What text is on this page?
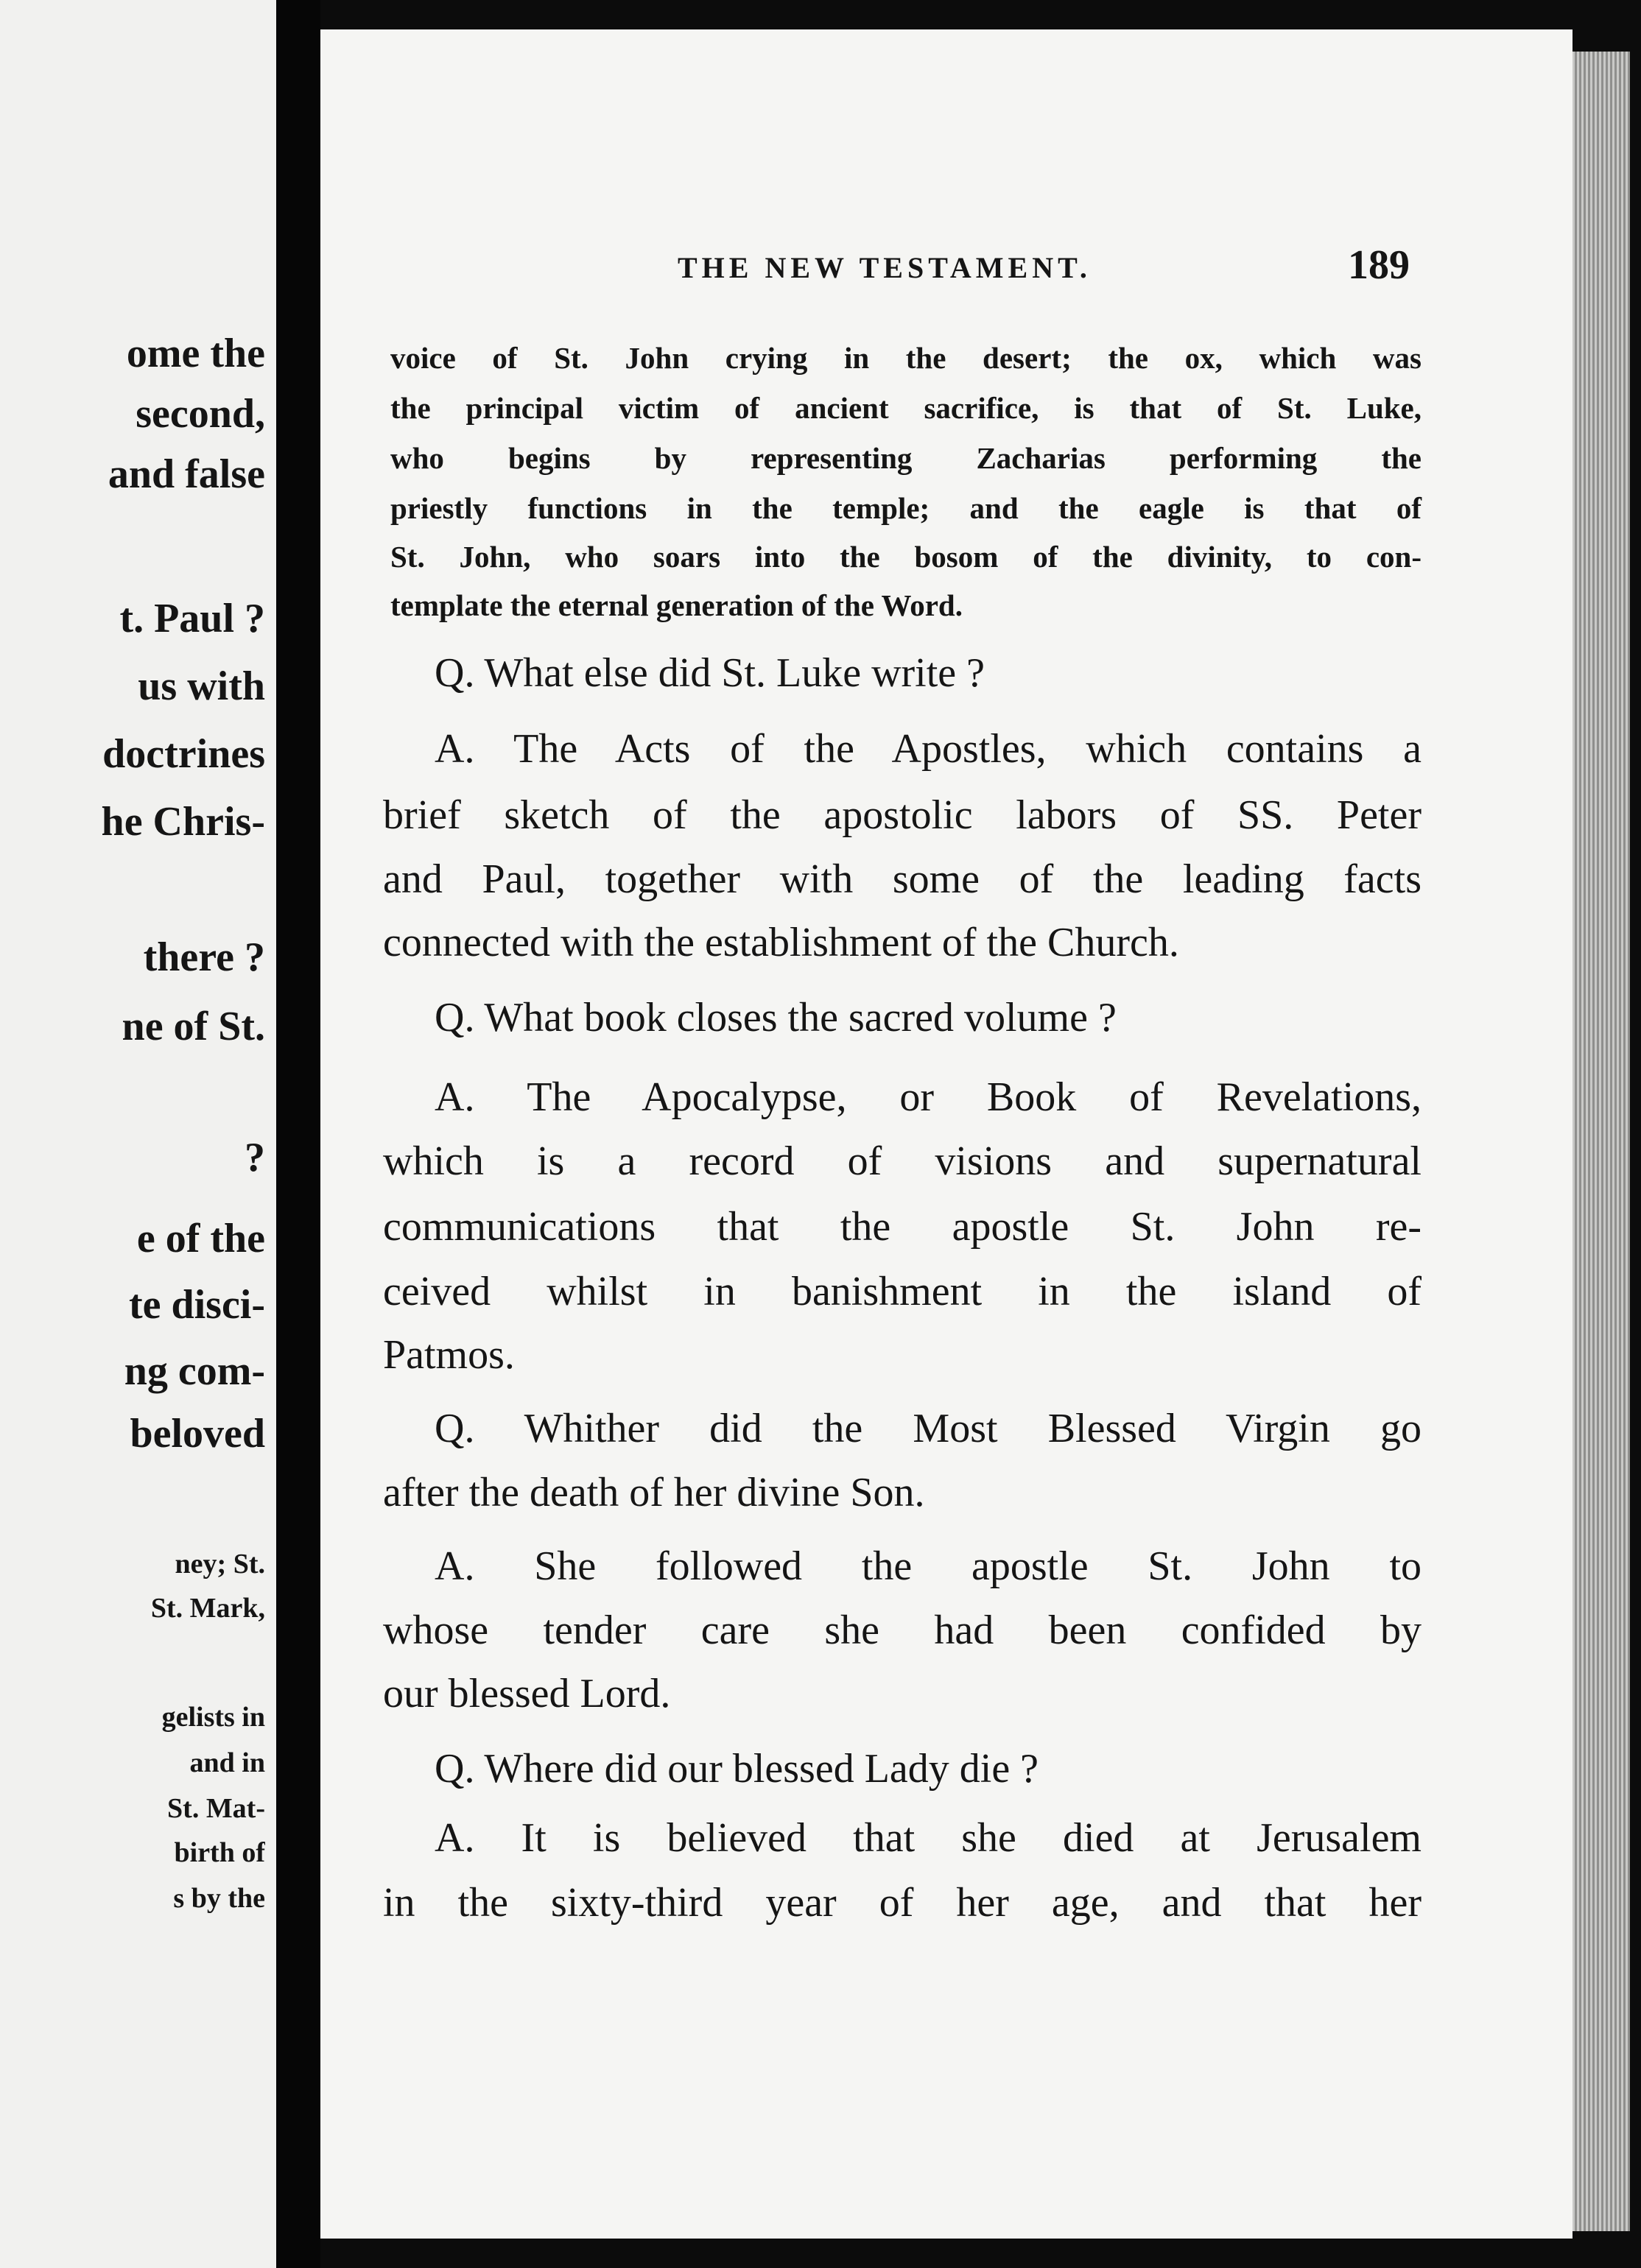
ome the
second,
and false
t. Paul ?
us with
doctrines
he Chris-
there ?
ne of St.
?
e of the
te disci-
ng com-
beloved
ney; St.
St. Mark,
gelists in
and in
St. Mat-
birth of
s by the
THE NEW TESTAMENT.	189
voice of St. John crying in the desert; the ox, which was
the principal victim of ancient sacrifice, is that of St. Luke,
who begins by representing Zacharias performing the
priestly functions in the temple; and the eagle is that of
St. John, who soars into the bosom of the divinity, to con-
template the eternal generation of the Word.
Q. What else did St. Luke write ?
A. The Acts of the Apostles, which contains a
brief sketch of the apostolic labors of SS. Peter
and Paul, together with some of the leading facts
connected with the establishment of the Church.
Q. What book closes the sacred volume ?
A. The Apocalypse, or Book of Revelations,
which is a record of visions and supernatural
communications that the apostle St. John re-
ceived whilst in banishment in the island of
Patmos.
Q. Whither did the Most Blessed Virgin go
after the death of her divine Son.
A. She followed the apostle St. John to
whose tender care she had been confided by
our blessed Lord.
Q. Where did our blessed Lady die ?
A. It is believed that she died at Jerusalem
in the sixty-third year of her age, and that her
